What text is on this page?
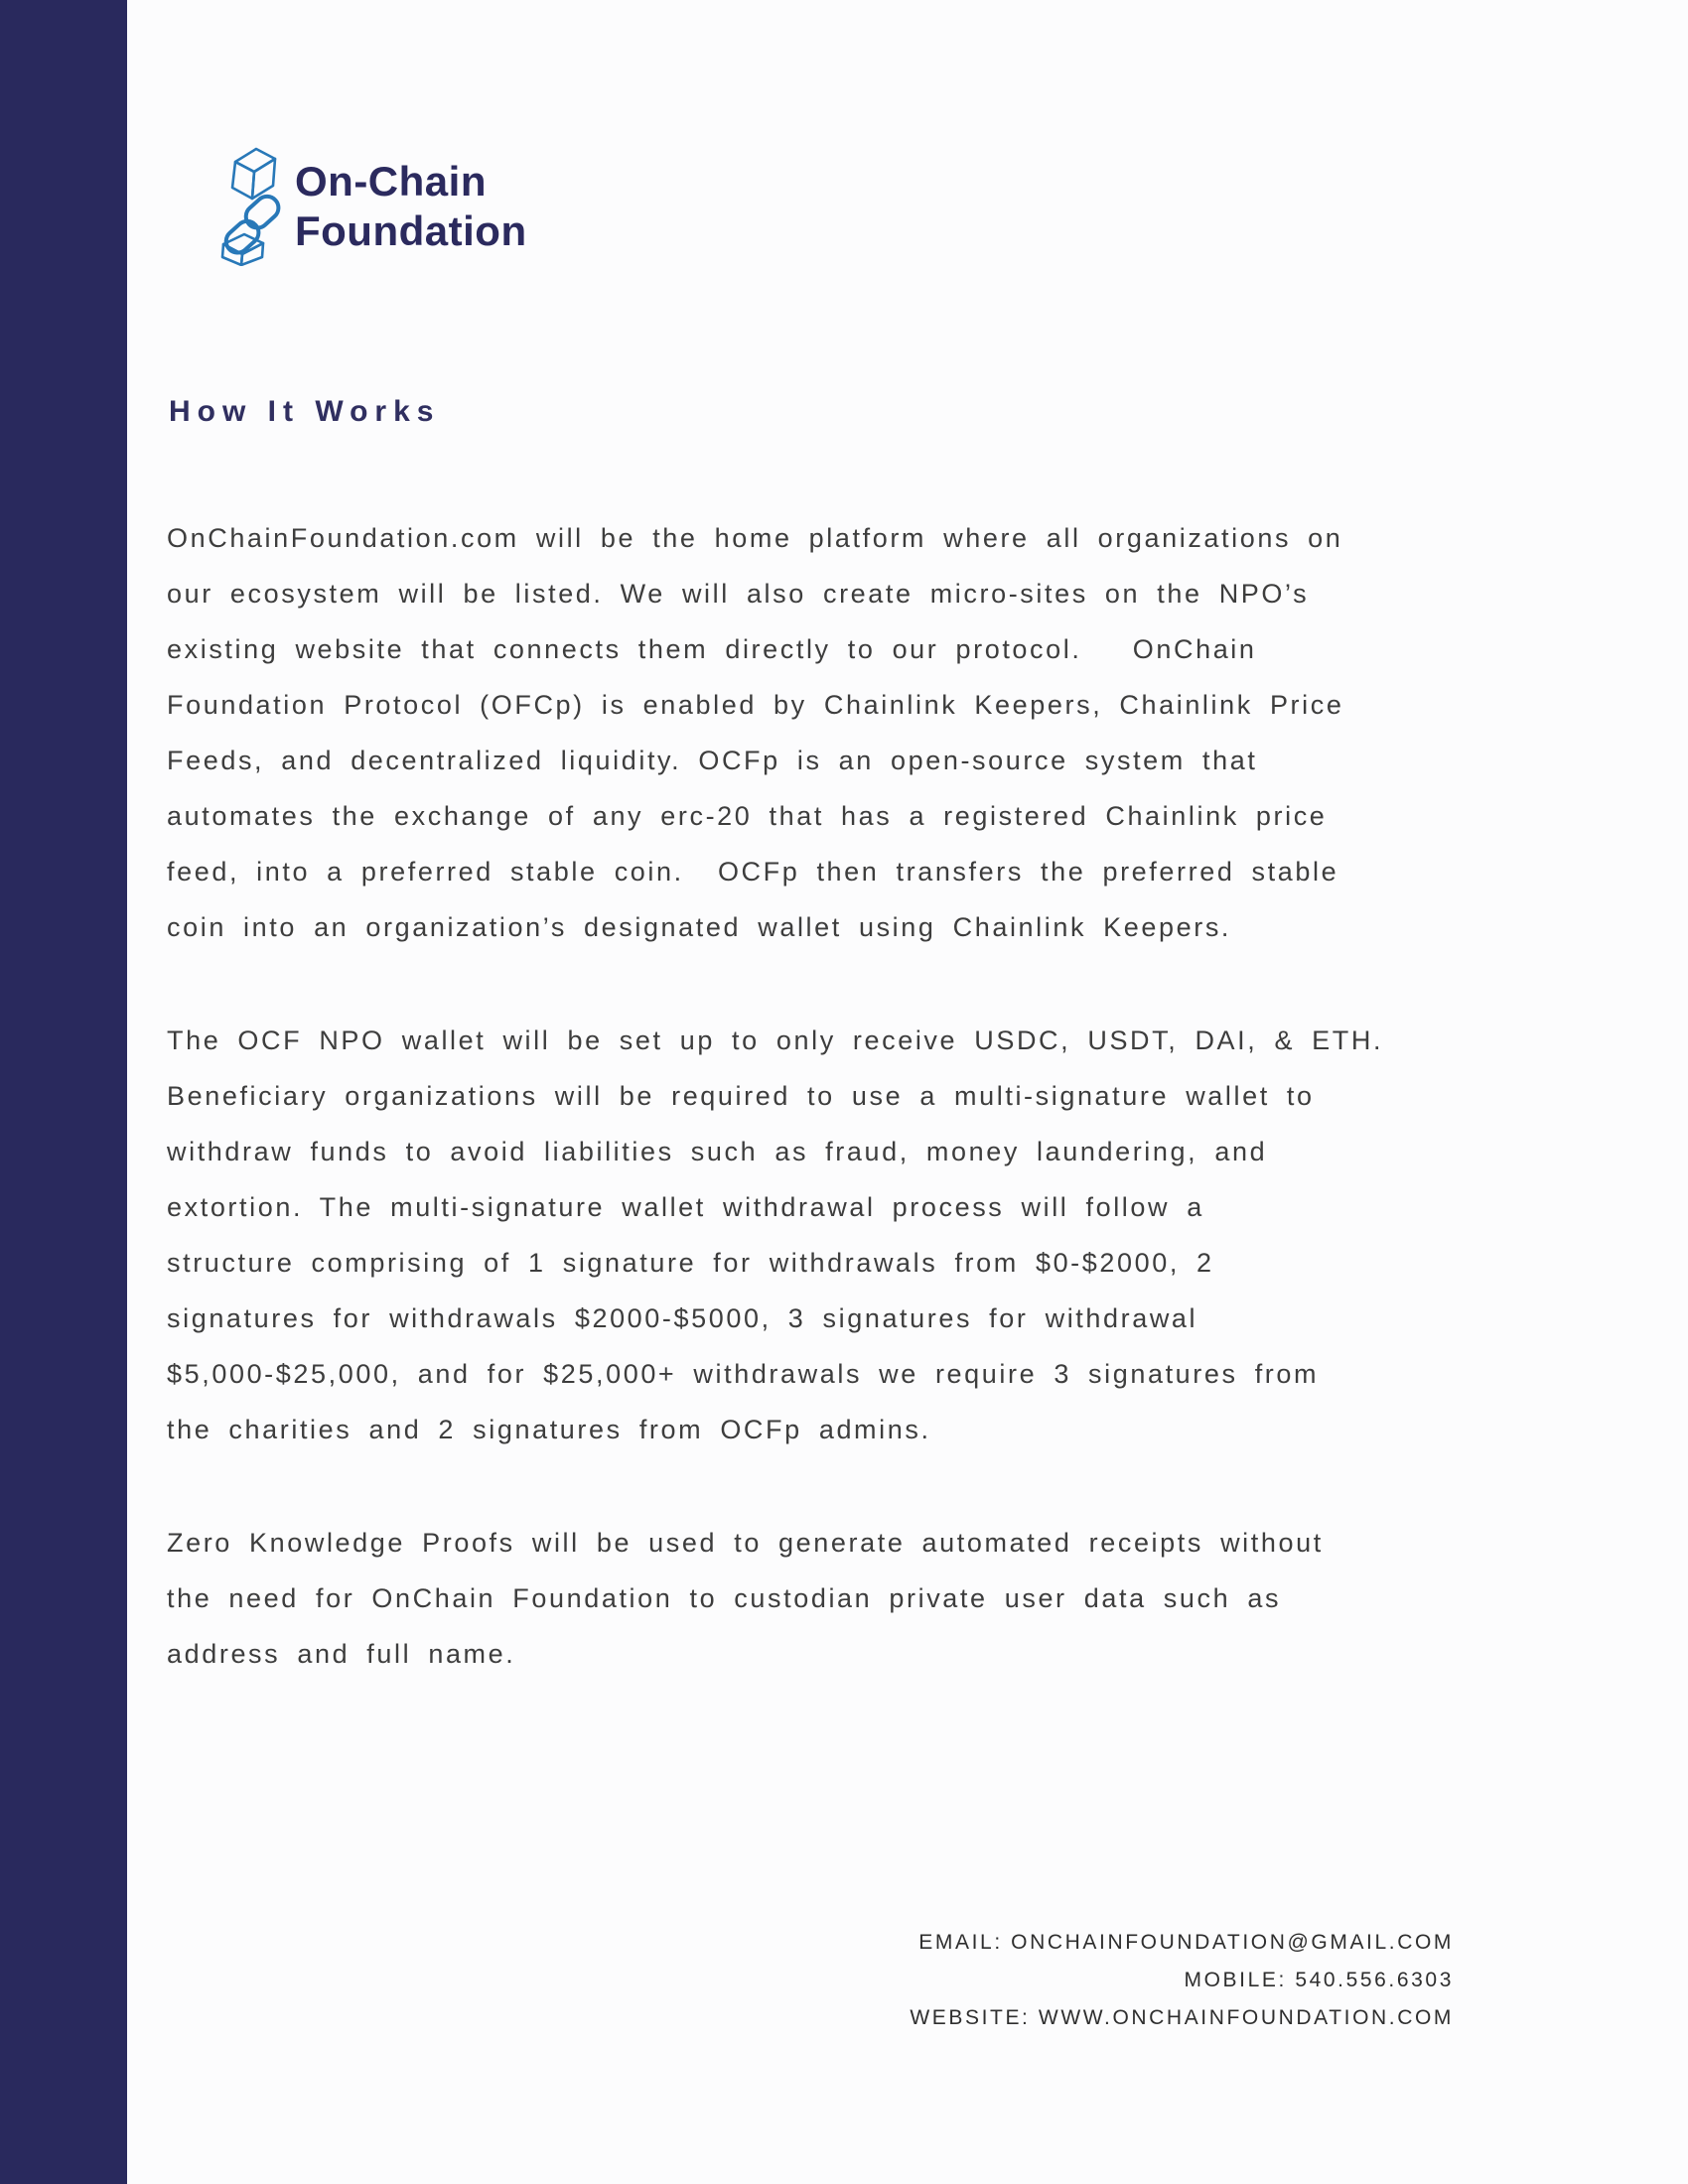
On-Chain
Foundation
How It Works
OnChainFoundation.com will be the home platform where all organizations on
our ecosystem will be listed. We will also create micro-sites on the NPO’s
existing website that connects them directly to our protocol.   OnChain
Foundation Protocol (OFCp) is enabled by Chainlink Keepers, Chainlink Price
Feeds, and decentralized liquidity. OCFp is an open-source system that
automates the exchange of any erc-20 that has a registered Chainlink price
feed, into a preferred stable coin.  OCFp then transfers the preferred stable
coin into an organization’s designated wallet using Chainlink Keepers.
The OCF NPO wallet will be set up to only receive USDC, USDT, DAI, & ETH.
Beneficiary organizations will be required to use a multi-signature wallet to
withdraw funds to avoid liabilities such as fraud, money laundering, and
extortion. The multi-signature wallet withdrawal process will follow a
structure comprising of 1 signature for withdrawals from $0-$2000, 2
signatures for withdrawals $2000-$5000, 3 signatures for withdrawal
$5,000-$25,000, and for $25,000+ withdrawals we require 3 signatures from
the charities and 2 signatures from OCFp admins.
Zero Knowledge Proofs will be used to generate automated receipts without
the need for OnChain Foundation to custodian private user data such as
address and full name.
EMAIL: ONCHAINFOUNDATION@GMAIL.COM
MOBILE: 540.556.6303
WEBSITE: WWW.ONCHAINFOUNDATION.COM
